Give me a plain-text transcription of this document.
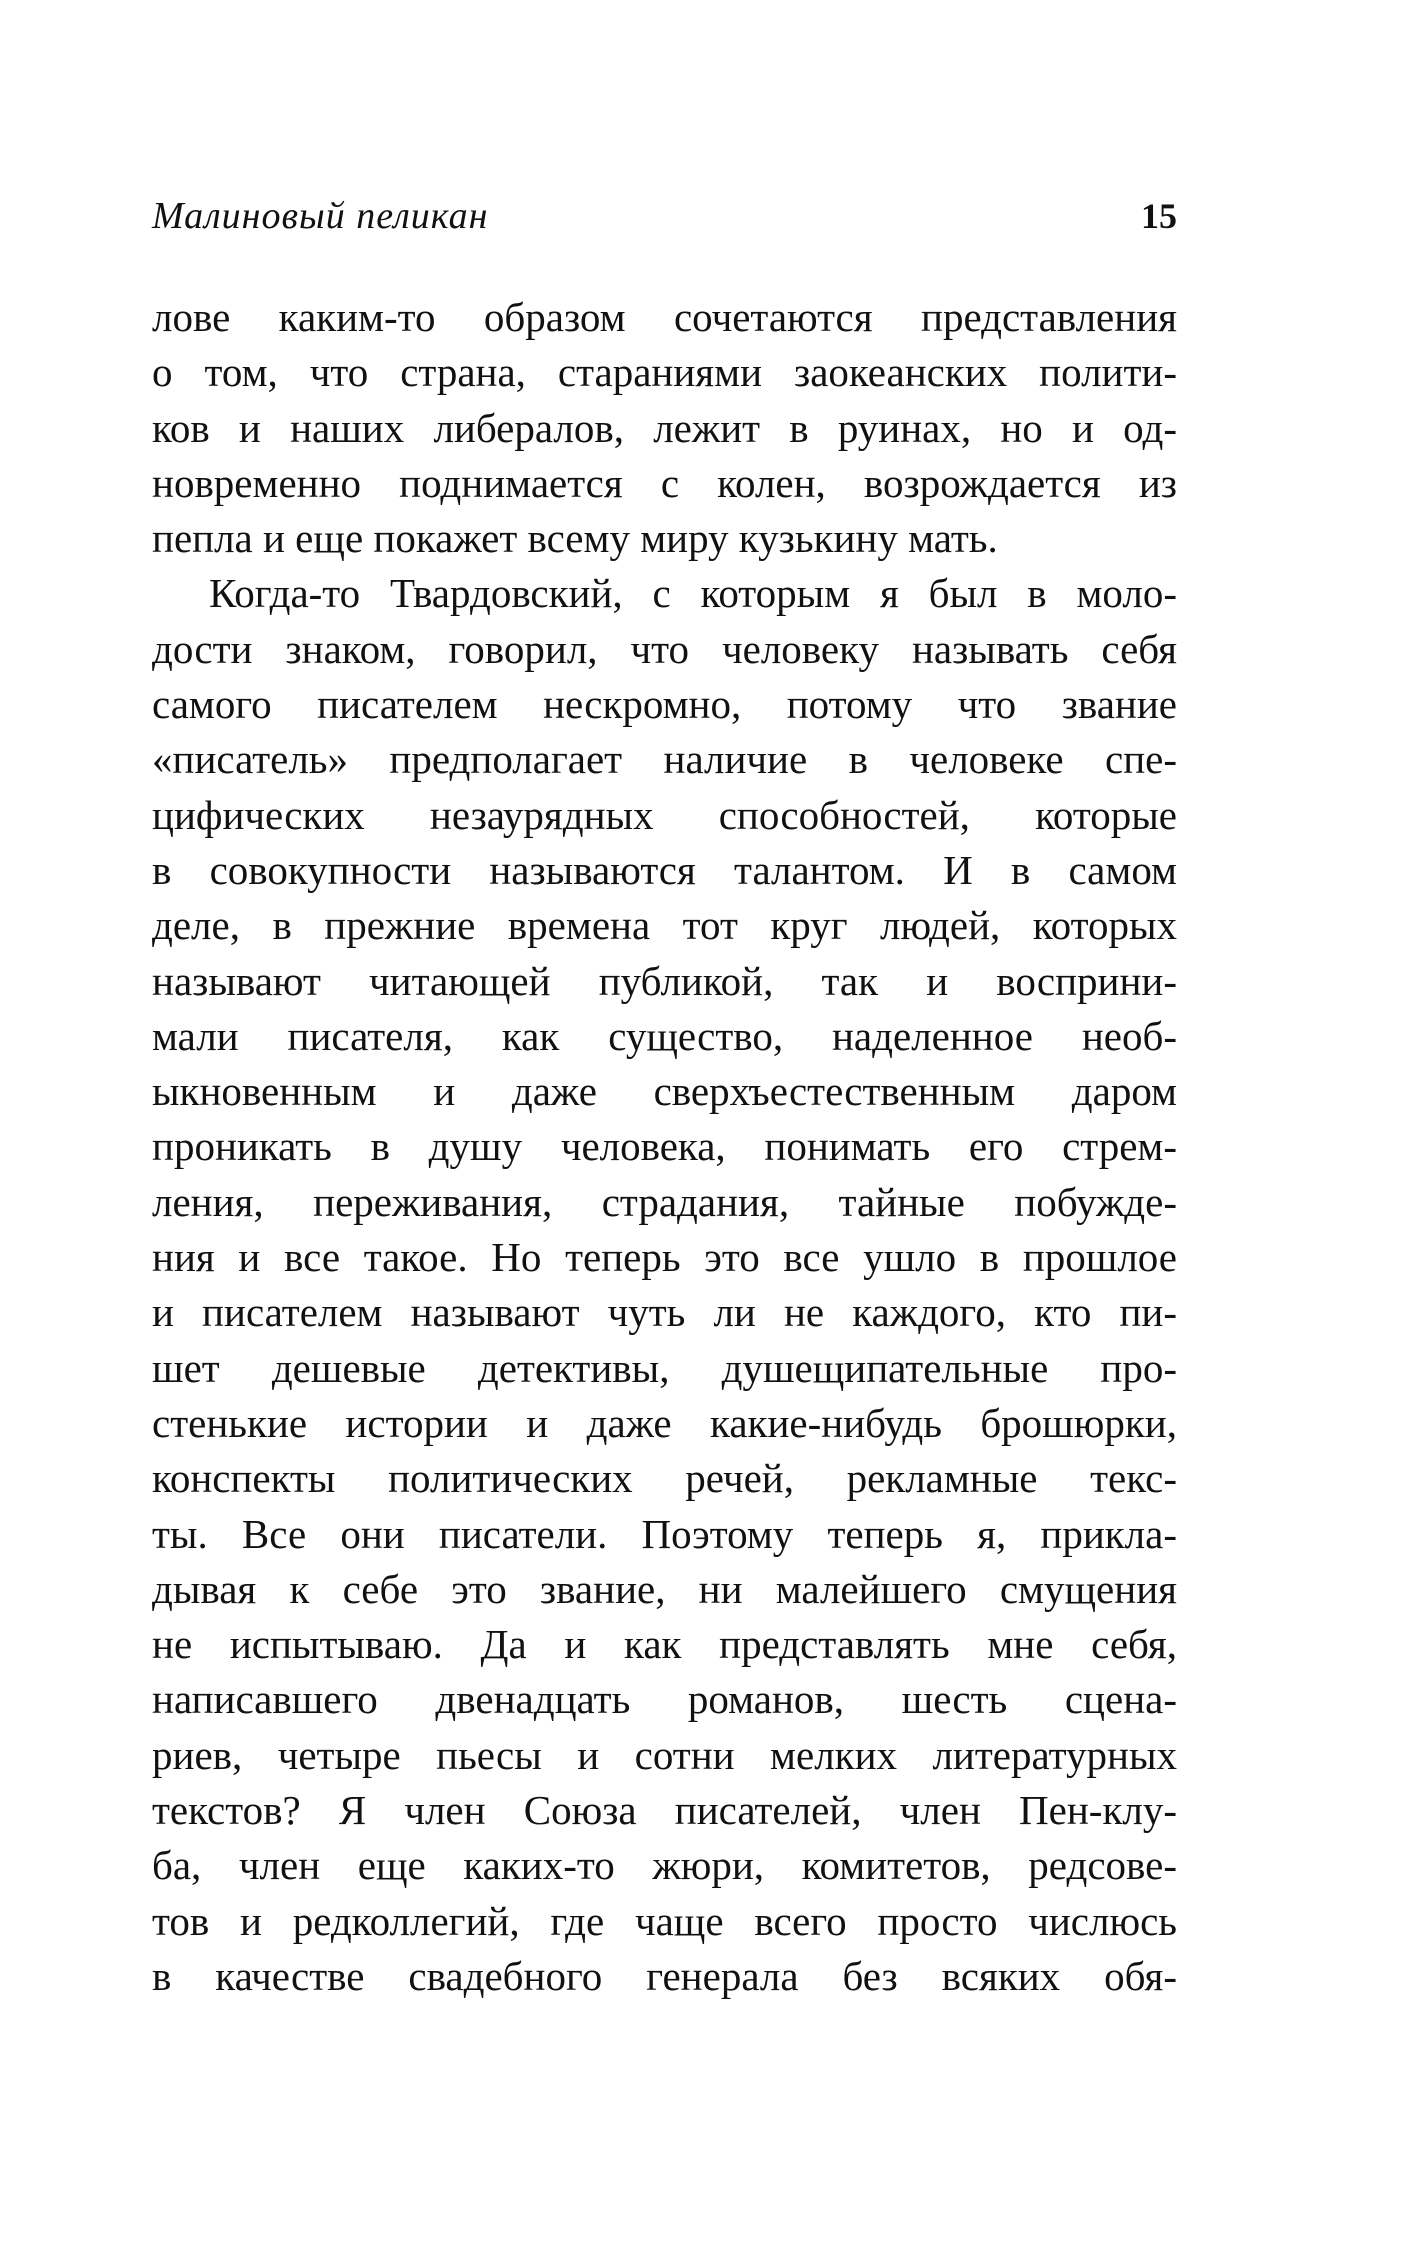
Малиновый пеликан	15
лове каким-то образом сочетаются представления
о том, что страна, стараниями заокеанских полити-
ков и наших либералов, лежит в руинах, но и од-
новременно поднимается с колен, возрождается из
пепла и еще покажет всему миру кузькину мать.
Когда-то Твардовский, с которым я был в моло-
дости знаком, говорил, что человеку называть себя
самого писателем нескромно, потому что звание
«писатель» предполагает наличие в человеке спе-
цифических незаурядных способностей, которые
в совокупности называются талантом. И в самом
деле, в прежние времена тот круг людей, которых
называют читающей публикой, так и восприни-
мали писателя, как существо, наделенное необ-
ыкновенным и даже сверхъестественным даром
проникать в душу человека, понимать его стрем-
ления, переживания, страдания, тайные побужде-
ния и все такое. Но теперь это все ушло в прошлое
и писателем называют чуть ли не каждого, кто пи-
шет дешевые детективы, душещипательные про-
стенькие истории и даже какие-нибудь брошюрки,
конспекты политических речей, рекламные текс-
ты. Все они писатели. Поэтому теперь я, прикла-
дывая к себе это звание, ни малейшего смущения
не испытываю. Да и как представлять мне себя,
написавшего двенадцать романов, шесть сцена-
риев, четыре пьесы и сотни мелких литературных
текстов? Я член Союза писателей, член Пен-клу-
ба, член еще каких-то жюри, комитетов, редсове-
тов и редколлегий, где чаще всего просто числюсь
в качестве свадебного генерала без всяких обя-
